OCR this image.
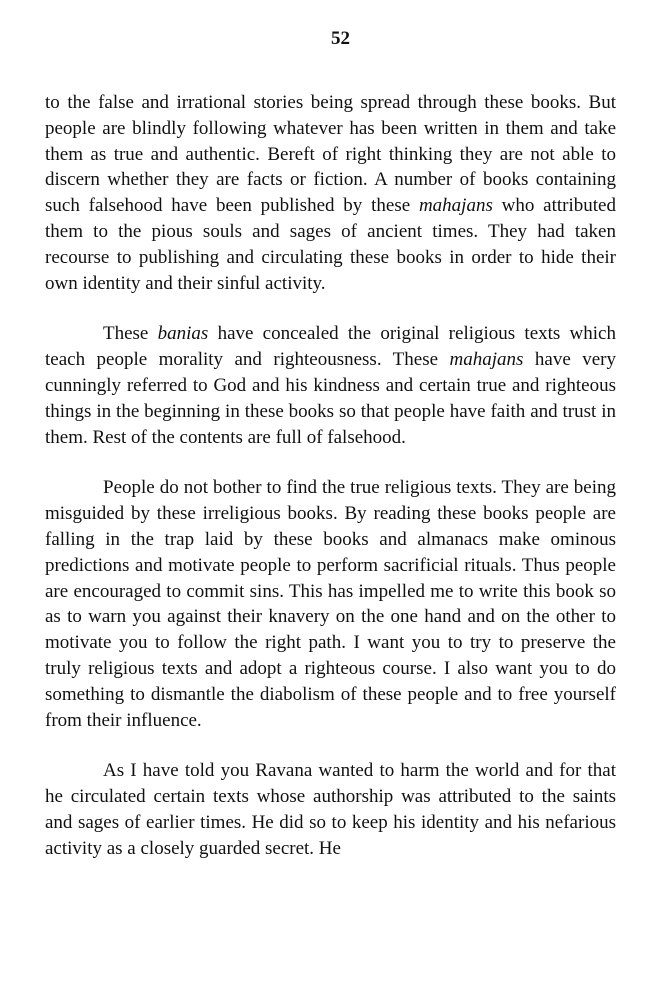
52

to the false and irrational stories being spread through these books. But people are blindly following whatever has been written in them and take them as true and authentic. Bereft of right thinking they are not able to discern whether they are facts or fiction. A number of books containing such falsehood have been published by these mahajans who attributed them to the pious souls and sages of ancient times. They had taken recourse to publishing and circulating these books in order to hide their own identity and their sinful activity.

These banias have concealed the original religious texts which teach people morality and righteousness. These mahajans have very cunningly referred to God and his kindness and certain true and righteous things in the beginning in these books so that people have faith and trust in them. Rest of the contents are full of falsehood.

People do not bother to find the true religious texts. They are being misguided by these irreligious books. By reading these books people are falling in the trap laid by these books and almanacs make ominous predictions and motivate people to perform sacrificial rituals. Thus people are encouraged to commit sins. This has impelled me to write this book so as to warn you against their knavery on the one hand and on the other to motivate you to follow the right path. I want you to try to preserve the truly religious texts and adopt a righteous course. I also want you to do something to dismantle the diabolism of these people and to free yourself from their influence.

As I have told you Ravana wanted to harm the world and for that he circulated certain texts whose authorship was attributed to the saints and sages of earlier times. He did so to keep his identity and his nefarious activity as a closely guarded secret. He
